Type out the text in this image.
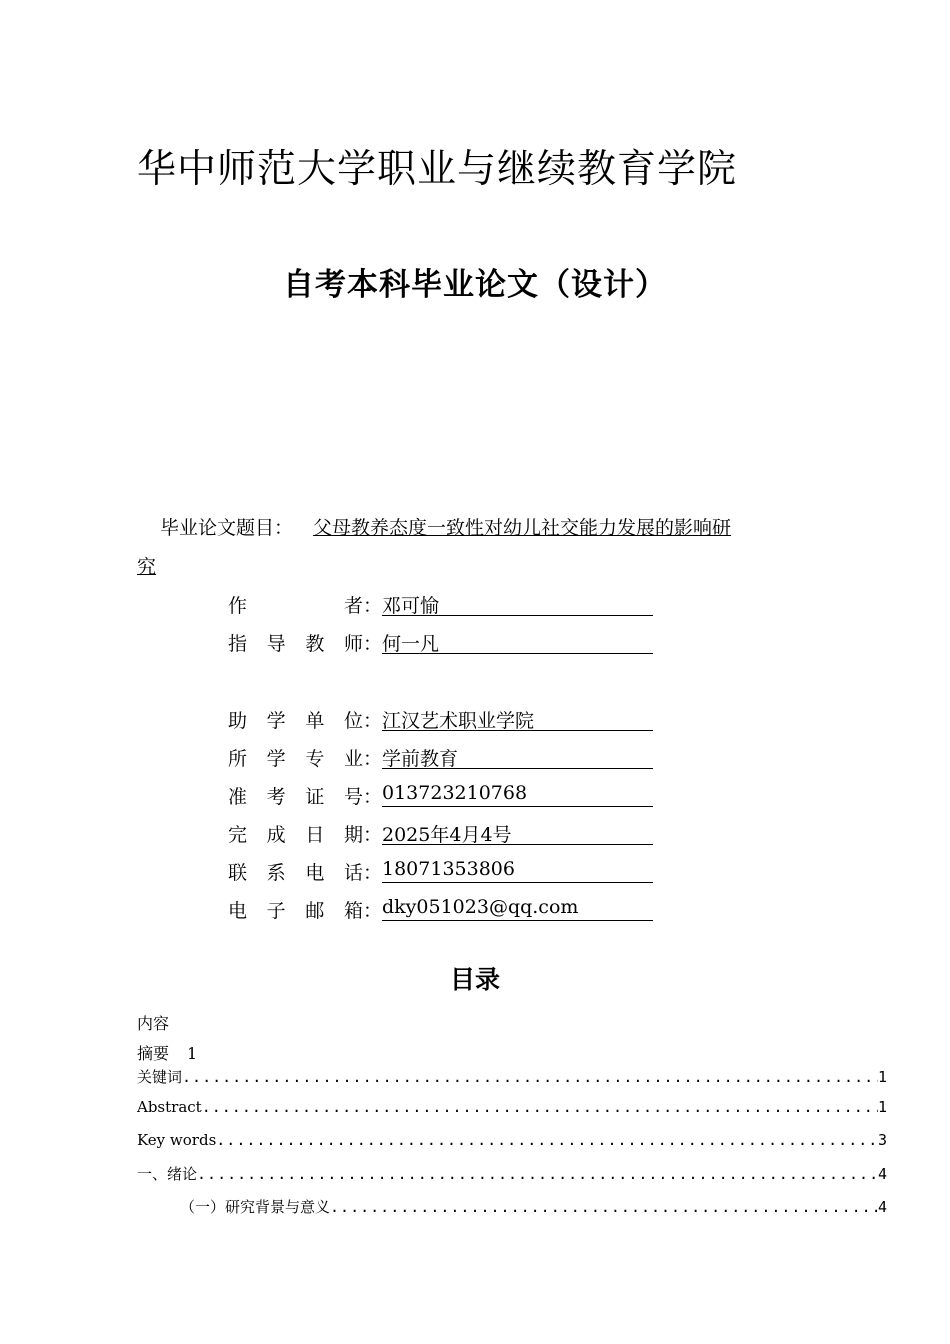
华中师范大学职业与继续教育学院
自考本科毕业论文（设计）
毕业论文题目： 父母教养态度一致性对幼儿社交能力发展的影响研
究
作	者： 邓可愉
指 导 教 师： 何一凡
助 学 单 位： 江汉艺术职业学院
所 学 专 业： 学前教育
准 考 证 号： 013723210768
完 成 日 期： 2025年4月4号
联 系 电 话： 18071353806
电 子 邮 箱： dky051023@qq.com
目录
内容
摘要 1
关键词 .....	1
Abstract .....	1
Key words .....	3
一、绪论 .....	4
（一）研究背景与意义 .....	4
